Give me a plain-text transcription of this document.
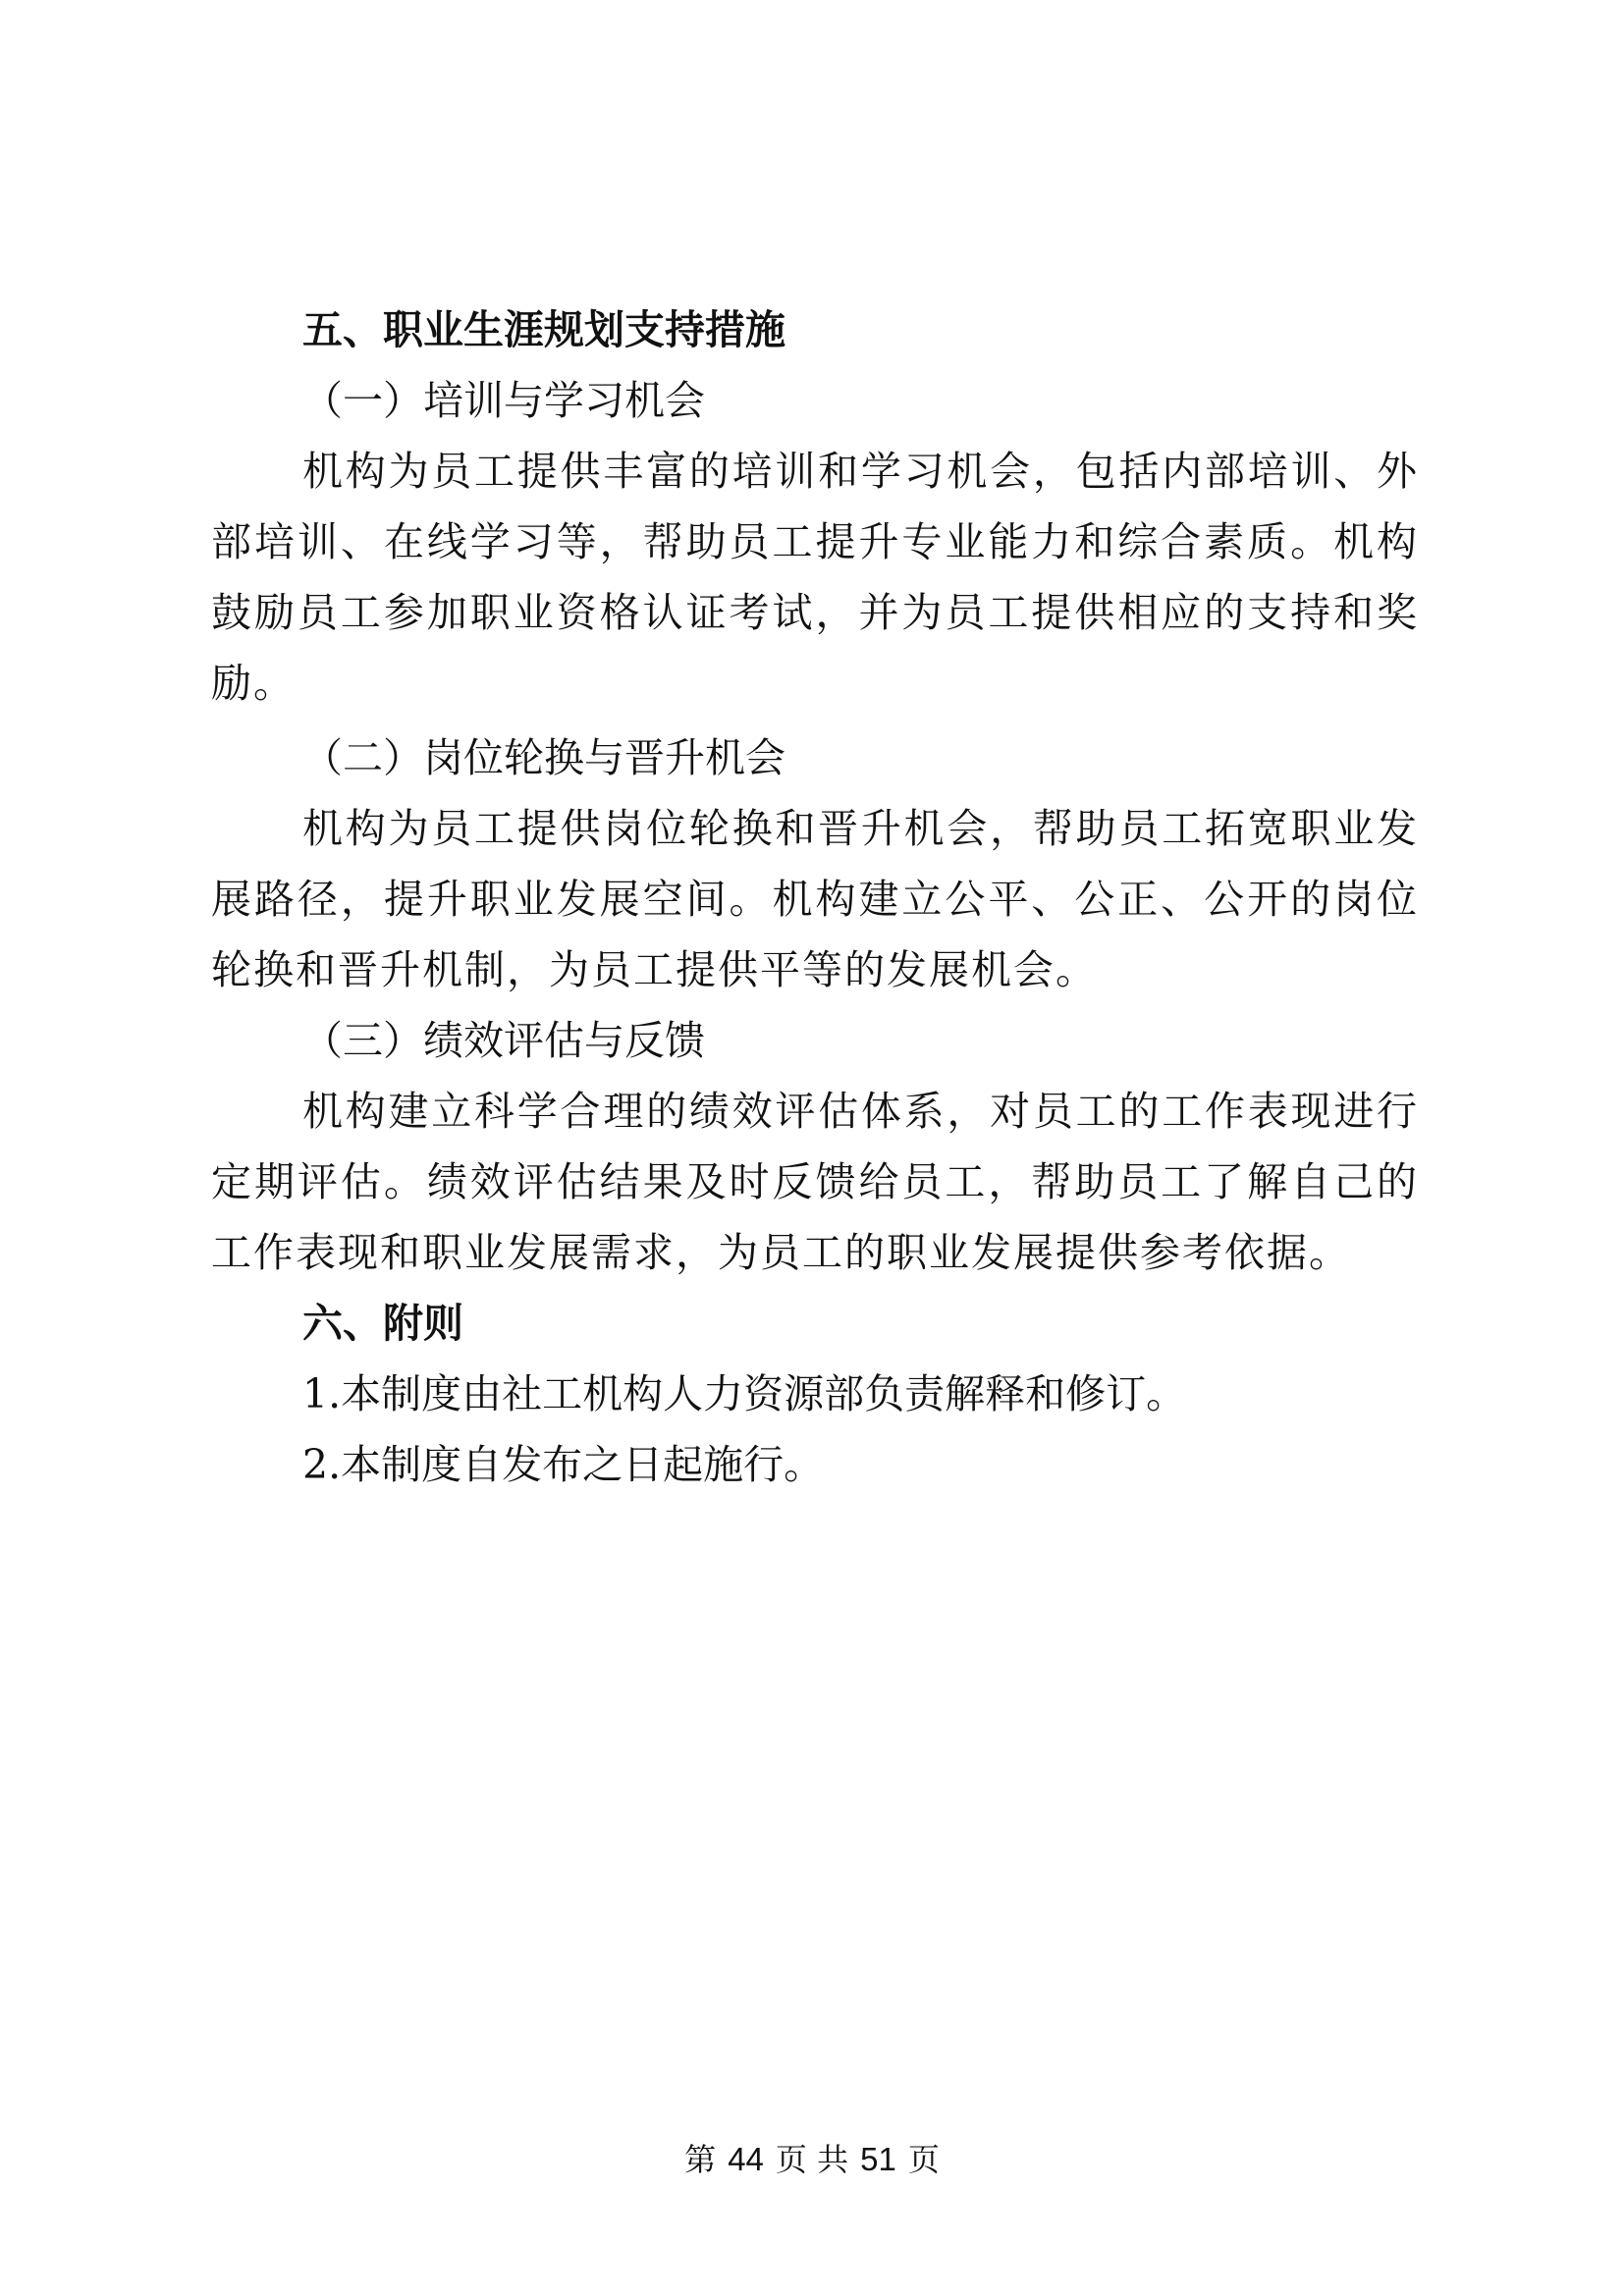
五、职业生涯规划支持措施

（一）培训与学习机会

机构为员工提供丰富的培训和学习机会，包括内部培训、外部培训、在线学习等，帮助员工提升专业能力和综合素质。机构鼓励员工参加职业资格认证考试，并为员工提供相应的支持和奖励。

（二）岗位轮换与晋升机会

机构为员工提供岗位轮换和晋升机会，帮助员工拓宽职业发展路径，提升职业发展空间。机构建立公平、公正、公开的岗位轮换和晋升机制，为员工提供平等的发展机会。

（三）绩效评估与反馈

机构建立科学合理的绩效评估体系，对员工的工作表现进行定期评估。绩效评估结果及时反馈给员工，帮助员工了解自己的工作表现和职业发展需求，为员工的职业发展提供参考依据。

六、附则

1.本制度由社工机构人力资源部负责解释和修订。

2.本制度自发布之日起施行。

第 44 页 共 51 页
